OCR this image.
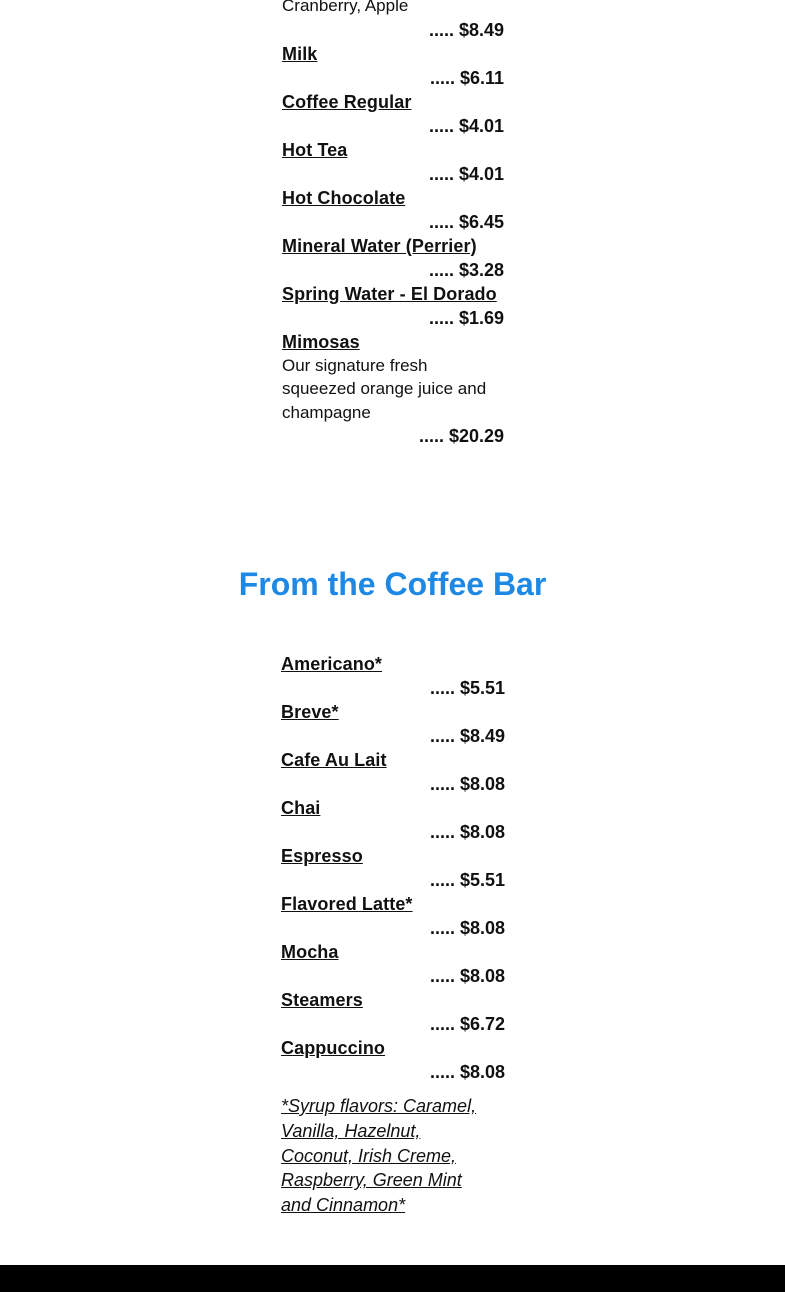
Cranberry, Apple

..... $8.49

Milk

..... $6.11

Coffee Regular

..... $4.01

Hot Tea

..... $4.01

Hot Chocolate

..... $6.45

Mineral Water (Perrier)

..... $3.28

Spring Water - El Dorado

..... $1.69

Mimosas

Our signature fresh squeezed orange juice and champagne

..... $20.29

From the Coffee Bar

Americano*

..... $5.51

Breve*

..... $8.49

Cafe Au Lait

..... $8.08

Chai

..... $8.08

Espresso

..... $5.51

Flavored Latte*

..... $8.08

Mocha

..... $8.08

Steamers

..... $6.72

Cappuccino

..... $8.08

*Syrup flavors: Caramel, Vanilla, Hazelnut, Coconut, Irish Creme, Raspberry, Green Mint and Cinnamon*
